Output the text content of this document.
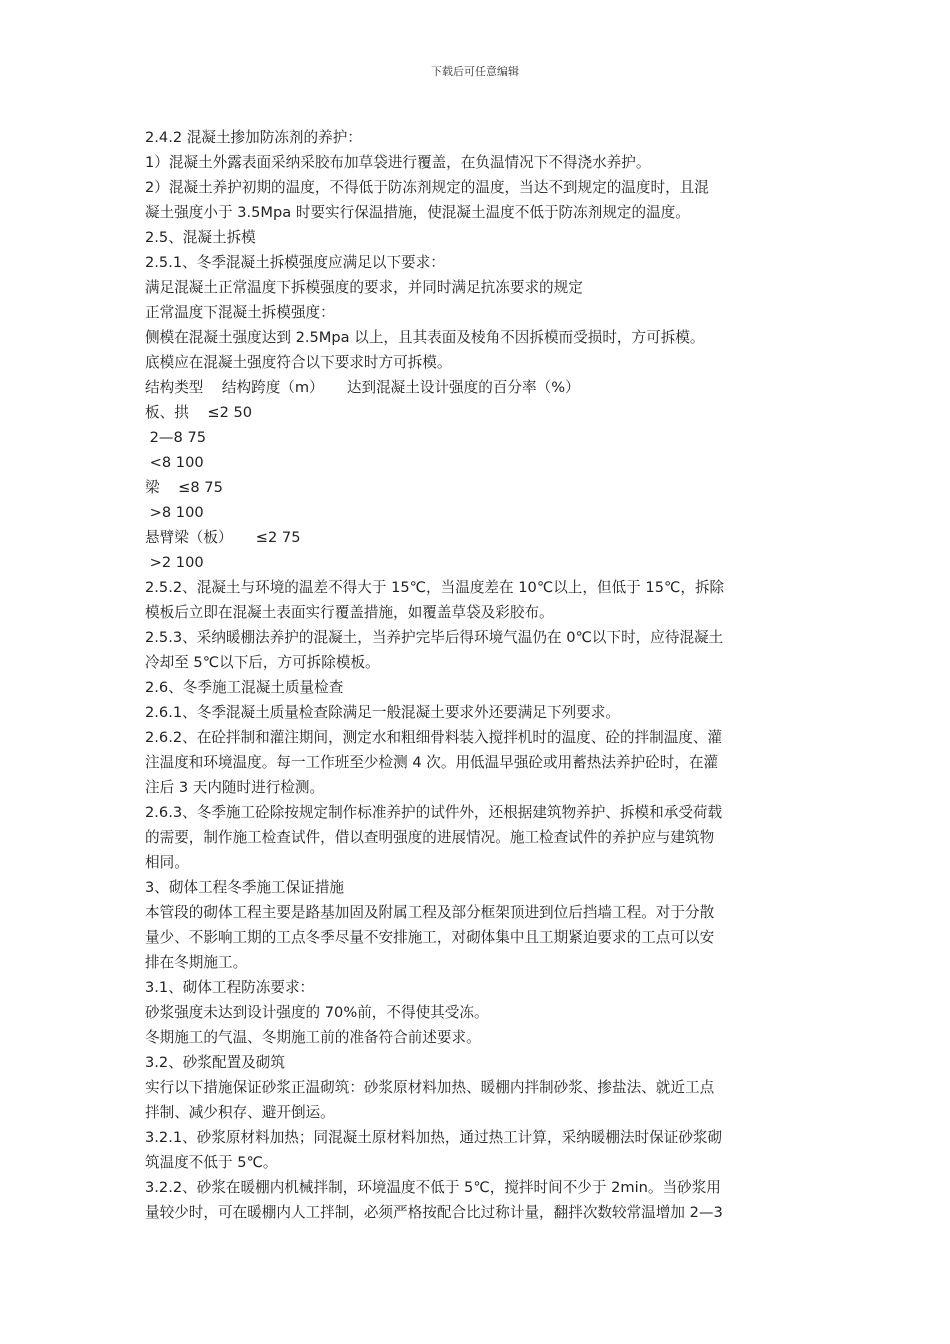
下载后可任意编辑
2.4.2 混凝土掺加防冻剂的养护：
1）混凝土外露表面采纳采胶布加草袋进行覆盖，在负温情况下不得浇水养护。
2）混凝土养护初期的温度，不得低于防冻剂规定的温度，当达不到规定的温度时，且混
凝土强度小于 3.5Mpa 时要实行保温措施，使混凝土温度不低于防冻剂规定的温度。
2.5、混凝土拆模
2.5.1、冬季混凝土拆模强度应满足以下要求：
满足混凝土正常温度下拆模强度的要求，并同时满足抗冻要求的规定
正常温度下混凝土拆模强度：
侧模在混凝土强度达到 2.5Mpa 以上，且其表面及棱角不因拆模而受损时，方可拆模。
底模应在混凝土强度符合以下要求时方可拆模。
结构类型    结构跨度（m）     达到混凝土设计强度的百分率（%）
板、拱    ≤2 50
2—8 75
<8 100
梁    ≤8 75
>8 100
悬臂梁（板）     ≤2 75
>2 100
2.5.2、混凝土与环境的温差不得大于 15℃，当温度差在 10℃以上，但低于 15℃，拆除
模板后立即在混凝土表面实行覆盖措施，如覆盖草袋及彩胶布。
2.5.3、采纳暖棚法养护的混凝土，当养护完毕后得环境气温仍在 0℃以下时，应待混凝土
冷却至 5℃以下后，方可拆除模板。
2.6、冬季施工混凝土质量检查
2.6.1、冬季混凝土质量检查除满足一般混凝土要求外还要满足下列要求。
2.6.2、在砼拌制和灌注期间，测定水和粗细骨料装入搅拌机时的温度、砼的拌制温度、灌
注温度和环境温度。每一工作班至少检测 4 次。用低温早强砼或用蓄热法养护砼时，在灌
注后 3 天内随时进行检测。
2.6.3、冬季施工砼除按规定制作标准养护的试件外，还根据建筑物养护、拆模和承受荷载
的需要，制作施工检查试件，借以查明强度的进展情况。施工检查试件的养护应与建筑物
相同。
3、砌体工程冬季施工保证措施
本管段的砌体工程主要是路基加固及附属工程及部分框架顶进到位后挡墙工程。对于分散
量少、不影响工期的工点冬季尽量不安排施工，对砌体集中且工期紧迫要求的工点可以安
排在冬期施工。
3.1、砌体工程防冻要求：
砂浆强度未达到设计强度的 70%前，不得使其受冻。
冬期施工的气温、冬期施工前的准备符合前述要求。
3.2、砂浆配置及砌筑
实行以下措施保证砂浆正温砌筑：砂浆原材料加热、暖棚内拌制砂浆、掺盐法、就近工点
拌制、减少积存、避开倒运。
3.2.1、砂浆原材料加热；同混凝土原材料加热，通过热工计算，采纳暖棚法时保证砂浆砌
筑温度不低于 5℃。
3.2.2、砂浆在暖棚内机械拌制，环境温度不低于 5℃，搅拌时间不少于 2min。当砂浆用
量较少时，可在暖棚内人工拌制，必须严格按配合比过称计量，翻拌次数较常温增加 2—3
